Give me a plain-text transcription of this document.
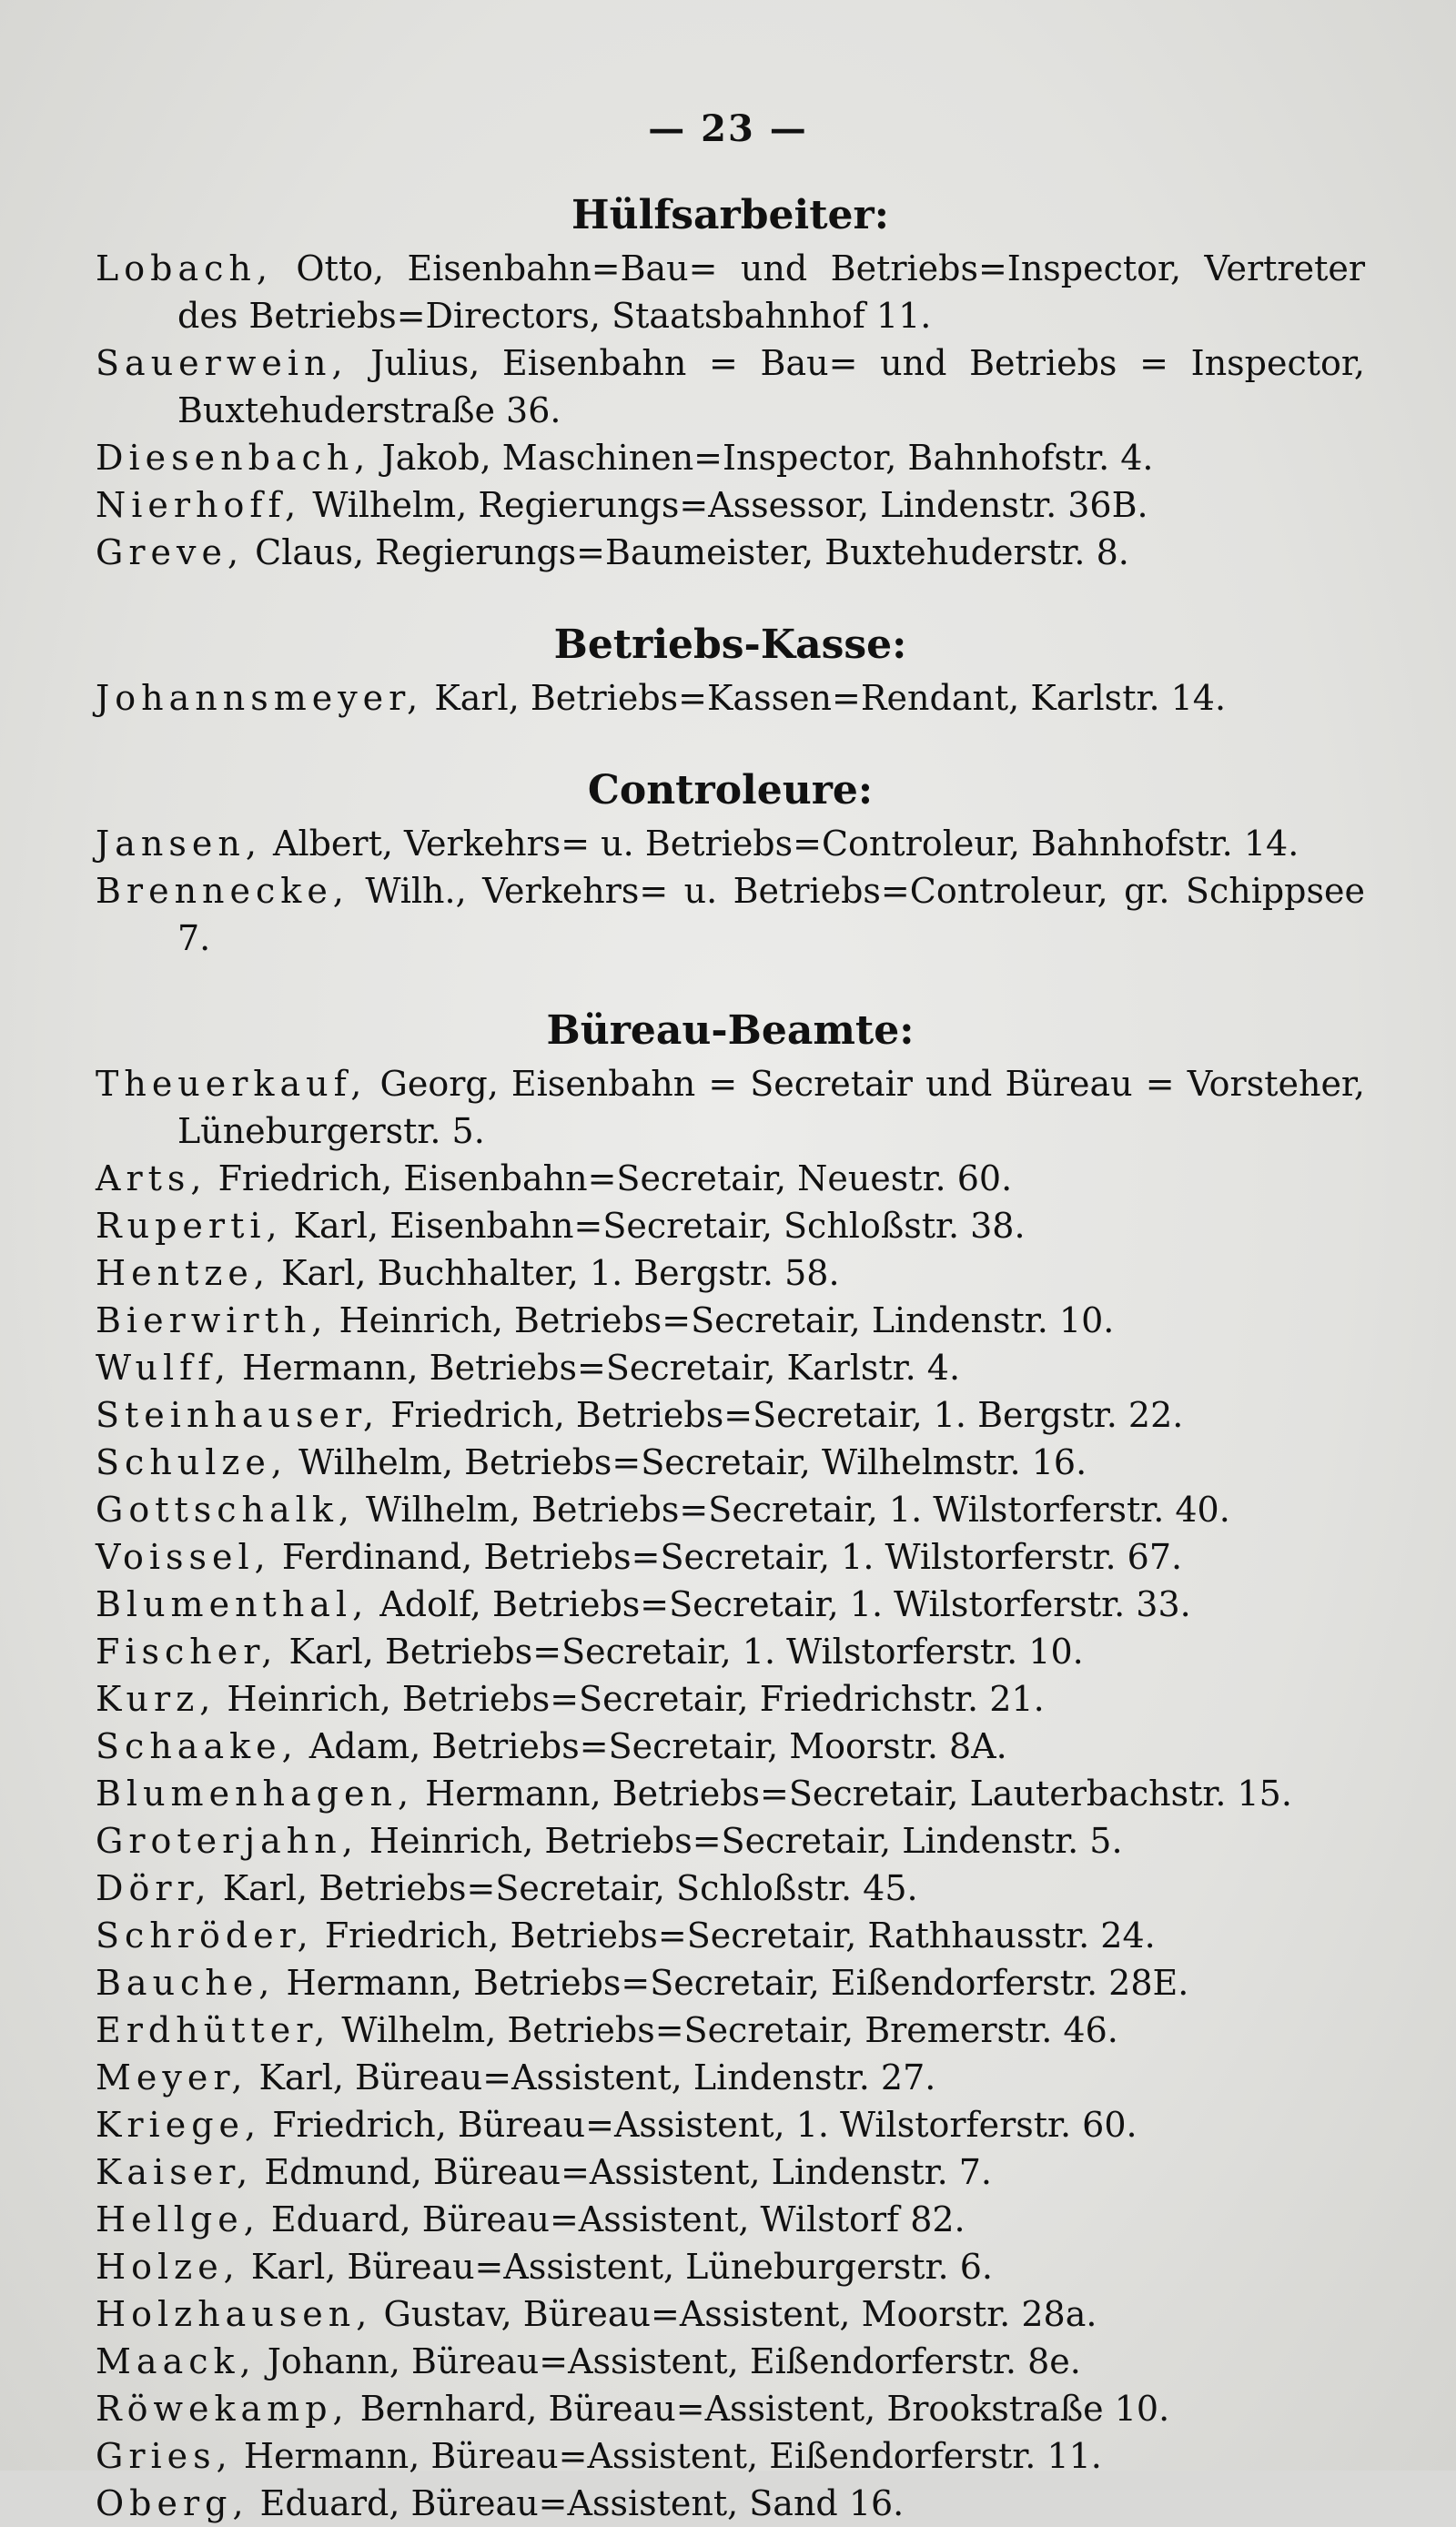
— 23 —
Hülfsarbeiter:

Lobach, Otto, Eisenbahn=Bau= und Betriebs=Inspector, Vertreter des Betriebs=Directors, Staatsbahnhof 11.

Sauerwein, Julius, Eisenbahn = Bau= und Betriebs = Inspector, Buxtehuderstraße 36.

Diesenbach, Jakob, Maschinen=Inspector, Bahnhofstr. 4.

Nierhoff, Wilhelm, Regierungs=Assessor, Lindenstr. 36B.

Greve, Claus, Regierungs=Baumeister, Buxtehuderstr. 8.

Betriebs-Kasse:

Johannsmeyer, Karl, Betriebs=Kassen=Rendant, Karlstr. 14.

Controleure:

Jansen, Albert, Verkehrs= u. Betriebs=Controleur, Bahnhofstr. 14.

Brennecke, Wilh., Verkehrs= u. Betriebs=Controleur, gr. Schippsee 7.

Büreau-Beamte:

Theuerkauf, Georg, Eisenbahn = Secretair und Büreau = Vorsteher, Lüneburgerstr. 5.

Arts, Friedrich, Eisenbahn=Secretair, Neuestr. 60.

Ruperti, Karl, Eisenbahn=Secretair, Schloßstr. 38.

Hentze, Karl, Buchhalter, 1. Bergstr. 58.

Bierwirth, Heinrich, Betriebs=Secretair, Lindenstr. 10.

Wulff, Hermann, Betriebs=Secretair, Karlstr. 4.

Steinhauser, Friedrich, Betriebs=Secretair, 1. Bergstr. 22.

Schulze, Wilhelm, Betriebs=Secretair, Wilhelmstr. 16.

Gottschalk, Wilhelm, Betriebs=Secretair, 1. Wilstorferstr. 40.

Voissel, Ferdinand, Betriebs=Secretair, 1. Wilstorferstr. 67.

Blumenthal, Adolf, Betriebs=Secretair, 1. Wilstorferstr. 33.

Fischer, Karl, Betriebs=Secretair, 1. Wilstorferstr. 10.

Kurz, Heinrich, Betriebs=Secretair, Friedrichstr. 21.

Schaake, Adam, Betriebs=Secretair, Moorstr. 8A.

Blumenhagen, Hermann, Betriebs=Secretair, Lauterbachstr. 15.

Groterjahn, Heinrich, Betriebs=Secretair, Lindenstr. 5.

Dörr, Karl, Betriebs=Secretair, Schloßstr. 45.

Schröder, Friedrich, Betriebs=Secretair, Rathhausstr. 24.

Bauche, Hermann, Betriebs=Secretair, Eißendorferstr. 28E.

Erdhütter, Wilhelm, Betriebs=Secretair, Bremerstr. 46.

Meyer, Karl, Büreau=Assistent, Lindenstr. 27.

Kriege, Friedrich, Büreau=Assistent, 1. Wilstorferstr. 60.

Kaiser, Edmund, Büreau=Assistent, Lindenstr. 7.

Hellge, Eduard, Büreau=Assistent, Wilstorf 82.

Holze, Karl, Büreau=Assistent, Lüneburgerstr. 6.

Holzhausen, Gustav, Büreau=Assistent, Moorstr. 28a.

Maack, Johann, Büreau=Assistent, Eißendorferstr. 8e.

Röwekamp, Bernhard, Büreau=Assistent, Brookstraße 10.

Gries, Hermann, Büreau=Assistent, Eißendorferstr. 11.

Oberg, Eduard, Büreau=Assistent, Sand 16.
